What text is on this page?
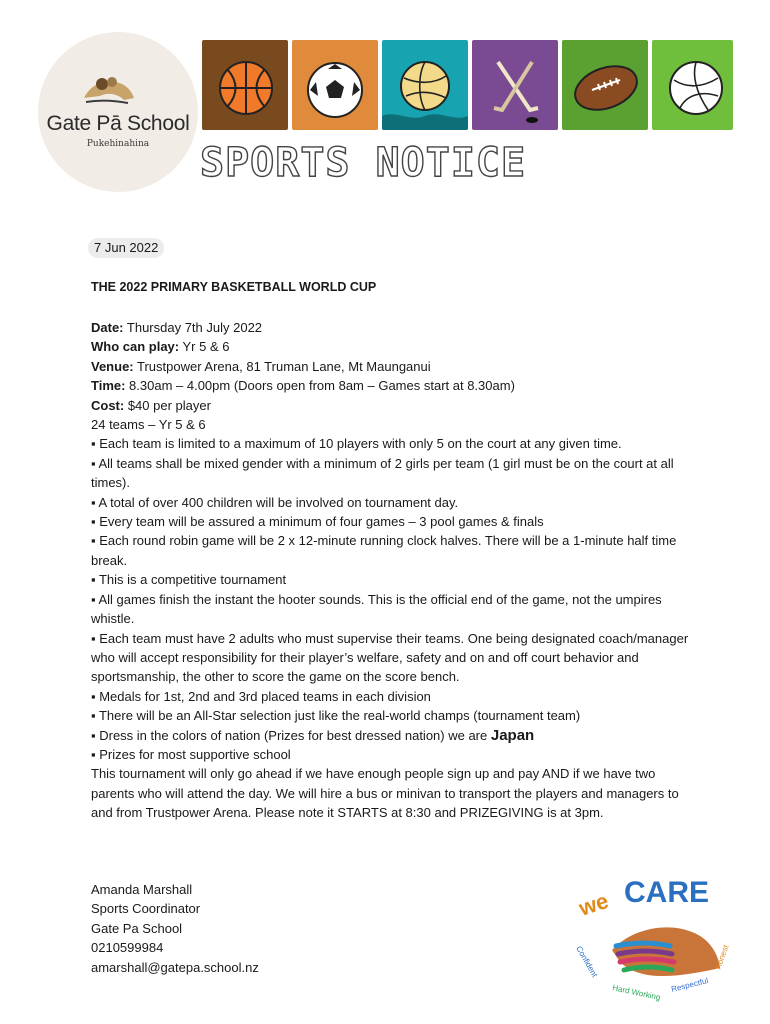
Gate Pā School
Pukehinahina	SPORTS NOTICE
7 Jun 2022
THE 2022 PRIMARY BASKETBALL WORLD CUP

Date: Thursday 7th July 2022

Who can play: Yr 5 & 6

Venue: Trustpower Arena, 81 Truman Lane, Mt Maunganui

Time: 8.30am – 4.00pm (Doors open from 8am – Games start at 8.30am)

Cost: $40 per player

24 teams – Yr 5 & 6

▪ Each team is limited to a maximum of 10 players with only 5 on the court at any given time.

▪ All teams shall be mixed gender with a minimum of 2 girls per team (1 girl must be on the court at all times).

▪ A total of over 400 children will be involved on tournament day.

▪ Every team will be assured a minimum of four games – 3 pool games & finals

▪ Each round robin game will be 2 x 12-minute running clock halves. There will be a 1-minute half time break.

▪ This is a competitive tournament

▪ All games finish the instant the hooter sounds. This is the official end of the game, not the umpires whistle.

▪ Each team must have 2 adults who must supervise their teams. One being designated coach/manager who will accept responsibility for their player’s welfare, safety and on and off court behavior and sportsmanship, the other to score the game on the score bench.

▪ Medals for 1st, 2nd and 3rd placed teams in each division

▪ There will be an All-Star selection just like the real-world champs (tournament team)

▪ Dress in the colors of nation (Prizes for best dressed nation) we are Japan

▪ Prizes for most supportive school

This tournament will only go ahead if we have enough people sign up and pay AND if we have two parents who will attend the day. We will hire a bus or minivan to transport the players and managers to and from Trustpower Arena. Please note it STARTS at 8:30 and PRIZEGIVING is at 3pm.

Amanda Marshall

Sports Coordinator

Gate Pa School

0210599984

amarshall@gatepa.school.nz

we CARE
Confident
Hard Working Respectful
Honest
